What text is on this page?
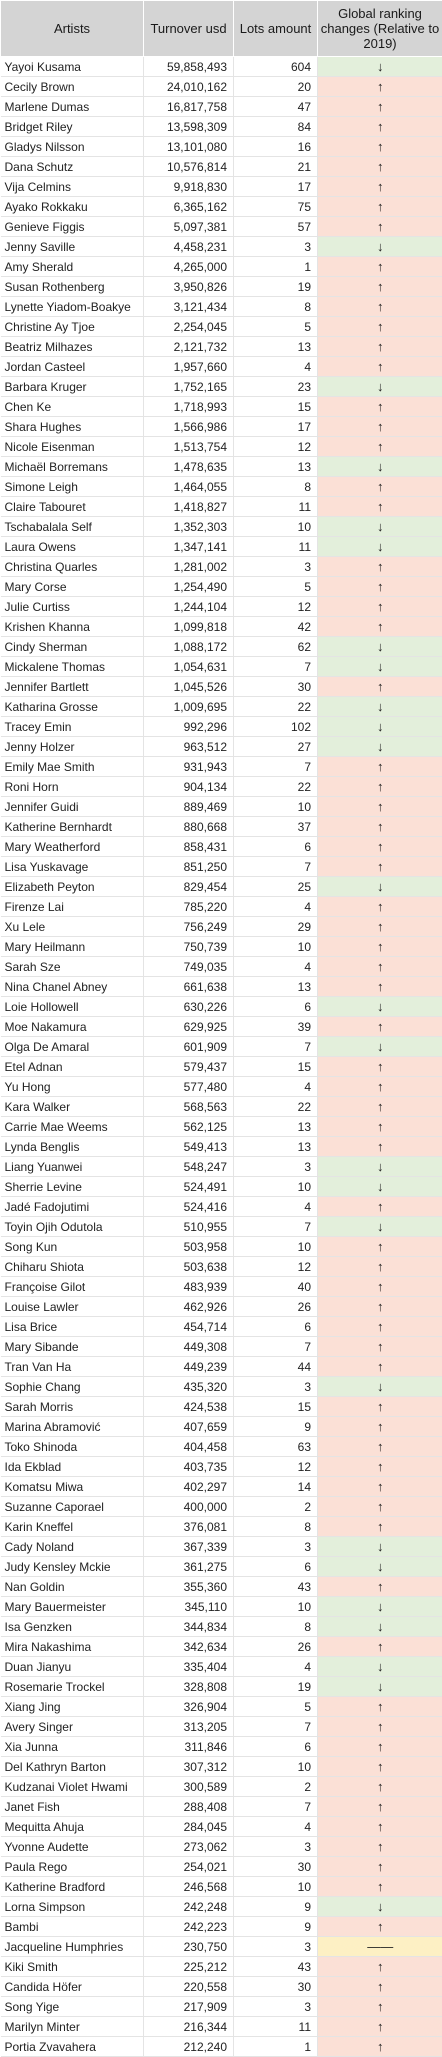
Artists	Turnover usd	Lots amount	Global ranking changes (Relative to 2019)
Yayoi Kusama	59,858,493	604	↓
Cecily Brown	24,010,162	20	↑
Marlene Dumas	16,817,758	47	↑
Bridget Riley	13,598,309	84	↑
Gladys Nilsson	13,101,080	16	↑
Dana Schutz	10,576,814	21	↑
Vija Celmins	9,918,830	17	↑
Ayako Rokkaku	6,365,162	75	↑
Genieve Figgis	5,097,381	57	↑
Jenny Saville	4,458,231	3	↓
Amy Sherald	4,265,000	1	↑
Susan Rothenberg	3,950,826	19	↑
Lynette Yiadom-Boakye	3,121,434	8	↑
Christine Ay Tjoe	2,254,045	5	↑
Beatriz Milhazes	2,121,732	13	↑
Jordan Casteel	1,957,660	4	↑
Barbara Kruger	1,752,165	23	↓
Chen Ke	1,718,993	15	↑
Shara Hughes	1,566,986	17	↑
Nicole Eisenman	1,513,754	12	↑
Michaël Borremans	1,478,635	13	↓
Simone Leigh	1,464,055	8	↑
Claire Tabouret	1,418,827	11	↑
Tschabalala Self	1,352,303	10	↓
Laura Owens	1,347,141	11	↓
Christina Quarles	1,281,002	3	↑
Mary Corse	1,254,490	5	↑
Julie Curtiss	1,244,104	12	↑
Krishen Khanna	1,099,818	42	↑
Cindy Sherman	1,088,172	62	↓
Mickalene Thomas	1,054,631	7	↓
Jennifer Bartlett	1,045,526	30	↑
Katharina Grosse	1,009,695	22	↓
Tracey Emin	992,296	102	↓
Jenny Holzer	963,512	27	↓
Emily Mae Smith	931,943	7	↑
Roni Horn	904,134	22	↑
Jennifer Guidi	889,469	10	↑
Katherine Bernhardt	880,668	37	↑
Mary Weatherford	858,431	6	↑
Lisa Yuskavage	851,250	7	↑
Elizabeth Peyton	829,454	25	↓
Firenze Lai	785,220	4	↑
Xu Lele	756,249	29	↑
Mary Heilmann	750,739	10	↑
Sarah Sze	749,035	4	↑
Nina Chanel Abney	661,638	13	↑
Loie Hollowell	630,226	6	↓
Moe Nakamura	629,925	39	↑
Olga De Amaral	601,909	7	↓
Etel Adnan	579,437	15	↑
Yu Hong	577,480	4	↑
Kara Walker	568,563	22	↑
Carrie Mae Weems	562,125	13	↑
Lynda Benglis	549,413	13	↑
Liang Yuanwei	548,247	3	↓
Sherrie Levine	524,491	10	↓
Jadé Fadojutimi	524,416	4	↑
Toyin Ojih Odutola	510,955	7	↓
Song Kun	503,958	10	↑
Chiharu Shiota	503,638	12	↑
Françoise Gilot	483,939	40	↑
Louise Lawler	462,926	26	↑
Lisa Brice	454,714	6	↑
Mary Sibande	449,308	7	↑
Tran Van Ha	449,239	44	↑
Sophie Chang	435,320	3	↓
Sarah Morris	424,538	15	↑
Marina Abramović	407,659	9	↑
Toko Shinoda	404,458	63	↑
Ida Ekblad	403,735	12	↑
Komatsu Miwa	402,297	14	↑
Suzanne Caporael	400,000	2	↑
Karin Kneffel	376,081	8	↑
Cady Noland	367,339	3	↓
Judy Kensley Mckie	361,275	6	↓
Nan Goldin	355,360	43	↑
Mary Bauermeister	345,110	10	↓
Isa Genzken	344,834	8	↓
Mira Nakashima	342,634	26	↑
Duan Jianyu	335,404	4	↓
Rosemarie Trockel	328,808	19	↓
Xiang Jing	326,904	5	↑
Avery Singer	313,205	7	↑
Xia Junna	311,846	6	↑
Del Kathryn Barton	307,312	10	↑
Kudzanai Violet Hwami	300,589	2	↑
Janet Fish	288,408	7	↑
Mequitta Ahuja	284,045	4	↑
Yvonne Audette	273,062	3	↑
Paula Rego	254,021	30	↑
Katherine Bradford	246,568	10	↑
Lorna Simpson	242,248	9	↓
Bambi	242,223	9	↑
Jacqueline Humphries	230,750	3	——
Kiki Smith	225,212	43	↑
Candida Höfer	220,558	30	↑
Song Yige	217,909	3	↑
Marilyn Minter	216,344	11	↑
Portia Zvavahera	212,240	1	↑
